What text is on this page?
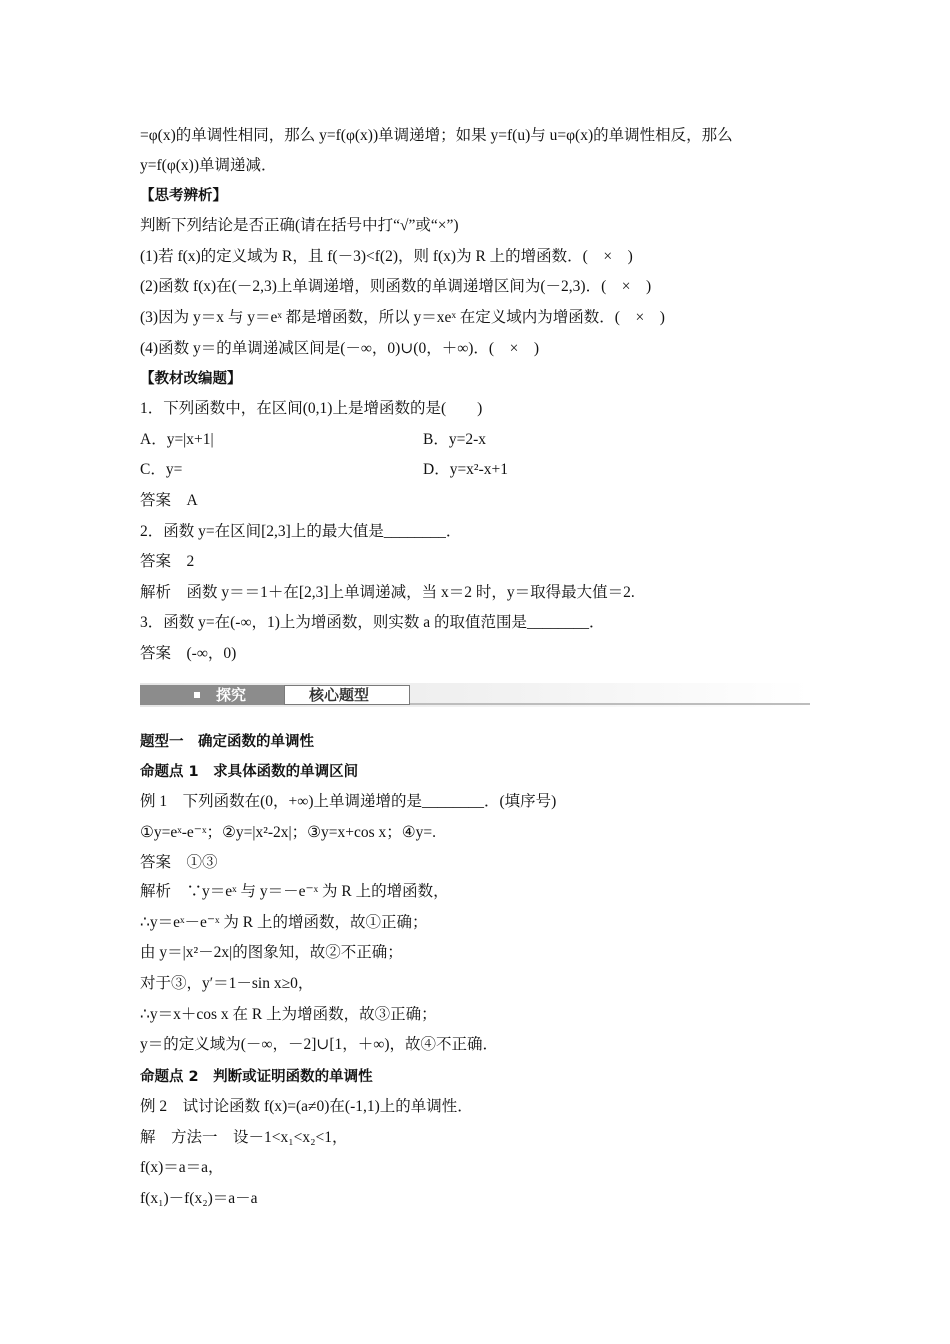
=φ(x)的单调性相同，那么 y=f(φ(x))单调递增；如果 y=f(u)与 u=φ(x)的单调性相反，那么
y=f(φ(x))单调递减．
【思考辨析】
判断下列结论是否正确(请在括号中打“√”或“×”)
(1)若 f(x)的定义域为 R，且 f(－3)<f(2)，则 f(x)为 R 上的增函数．(　×　)
(2)函数 f(x)在(－2,3)上单调递增，则函数的单调递增区间为(－2,3)．(　×　)
(3)因为 y＝x 与 y＝eˣ 都是增函数，所以 y＝xeˣ 在定义域内为增函数．(　×　)
(4)函数 y＝的单调递减区间是(－∞，0)∪(0，＋∞)．(　×　)
【教材改编题】
1．下列函数中，在区间(0,1)上是增函数的是(　　)
A．y=|x+1|	B．y=2-x
C．y=	D．y=x²-x+1
答案　A
2．函数 y=在区间[2,3]上的最大值是________．
答案　2
解析　函数 y＝＝1＋在[2,3]上单调递减，当 x＝2 时，y＝取得最大值＝2.
3．函数 y=在(-∞，1)上为增函数，则实数 a 的取值范围是________．
答案　(-∞，0)
探究	核心题型
题型一　确定函数的单调性
命题点 1　求具体函数的单调区间
例 1　下列函数在(0，+∞)上单调递增的是________．(填序号)
①y=eˣ-e⁻ˣ；②y=|x²-2x|；③y=x+cos x；④y=.
答案　①③
解析　∵y＝eˣ 与 y＝－e⁻ˣ 为 R 上的增函数，
∴y＝eˣ－e⁻ˣ 为 R 上的增函数，故①正确；
由 y＝|x²－2x|的图象知，故②不正确；
对于③，y′＝1－sin x≥0，
∴y＝x＋cos x 在 R 上为增函数，故③正确；
y＝的定义域为(－∞，－2]∪[1，＋∞)，故④不正确．
命题点 2　判断或证明函数的单调性
例 2　试讨论函数 f(x)=(a≠0)在(-1,1)上的单调性．
解　方法一　设－1<x₁<x₂<1，
f(x)＝a＝a，
f(x₁)－f(x₂)＝a－a
